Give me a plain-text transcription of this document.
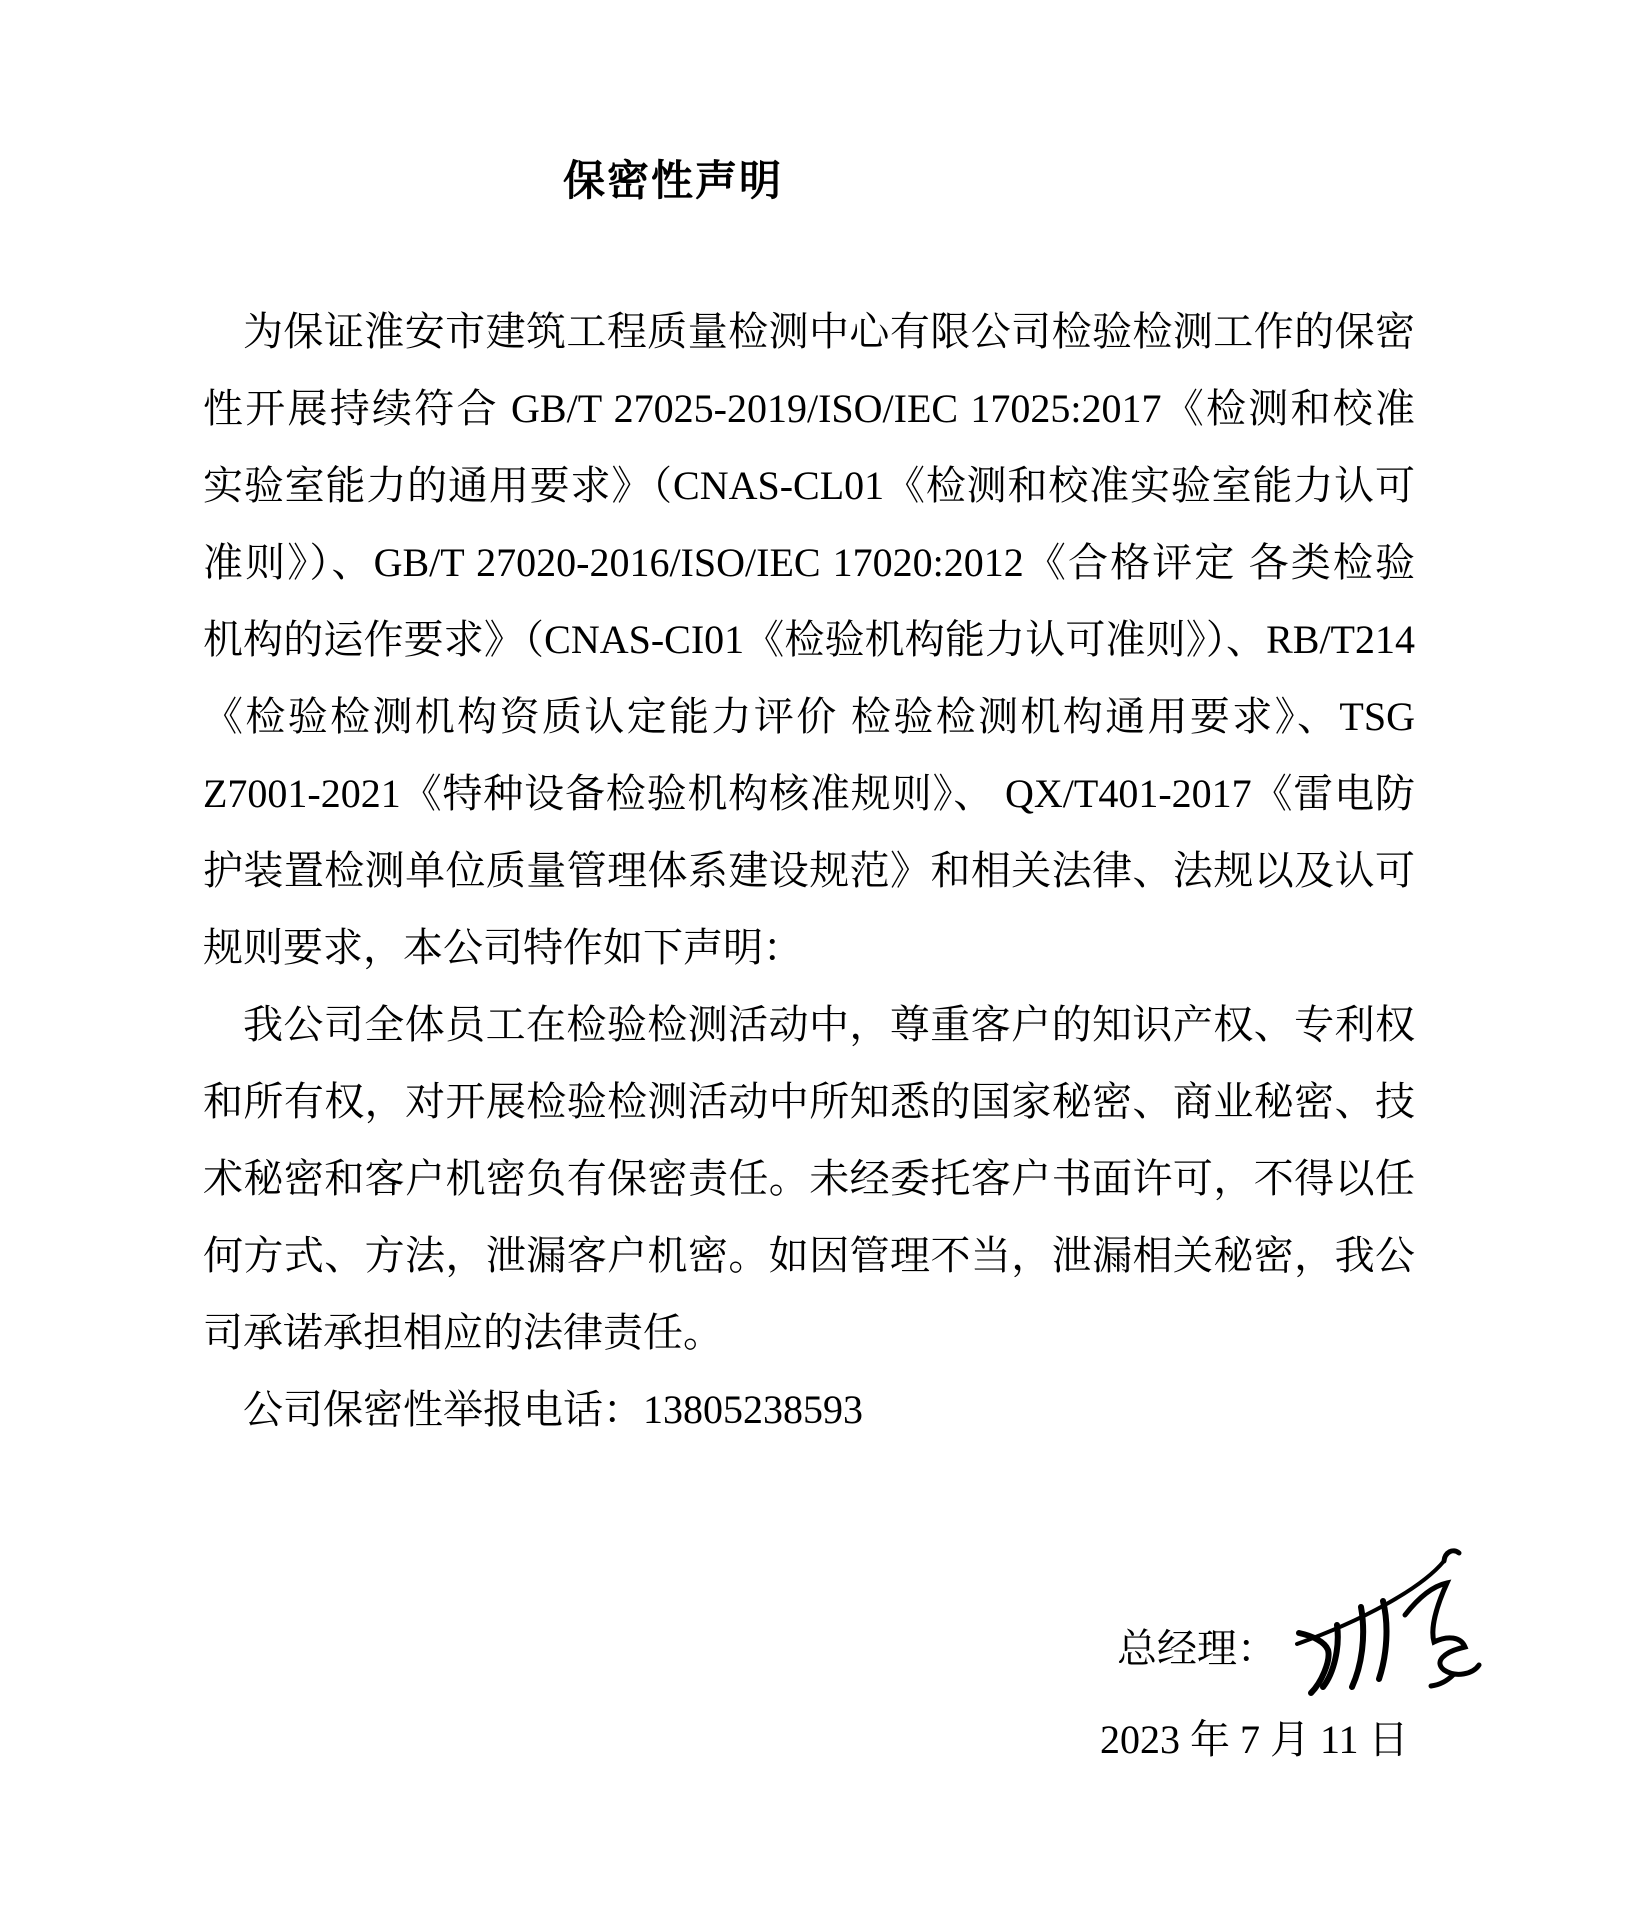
保密性声明

为保证淮安市建筑工程质量检测中心有限公司检验检测工作的保密性开展持续符合 GB/T 27025-2019/ISO/IEC 17025:2017《检测和校准实验室能力的通用要求》（CNAS-CL01《检测和校准实验室能力认可准则》）、GB/T 27020-2016/ISO/IEC 17020:2012《合格评定 各类检验机构的运作要求》（CNAS-CI01《检验机构能力认可准则》）、RB/T214《检验检测机构资质认定能力评价 检验检测机构通用要求》、TSG Z7001-2021《特种设备检验机构核准规则》、 QX/T401-2017《雷电防护装置检测单位质量管理体系建设规范》和相关法律、法规以及认可规则要求，本公司特作如下声明：

我公司全体员工在检验检测活动中，尊重客户的知识产权、专利权和所有权，对开展检验检测活动中所知悉的国家秘密、商业秘密、技术秘密和客户机密负有保密责任。未经委托客户书面许可，不得以任何方式、方法，泄漏客户机密。如因管理不当，泄漏相关秘密，我公司承诺承担相应的法律责任。

公司保密性举报电话：13805238593

总经理：
2023 年 7 月 11 日
